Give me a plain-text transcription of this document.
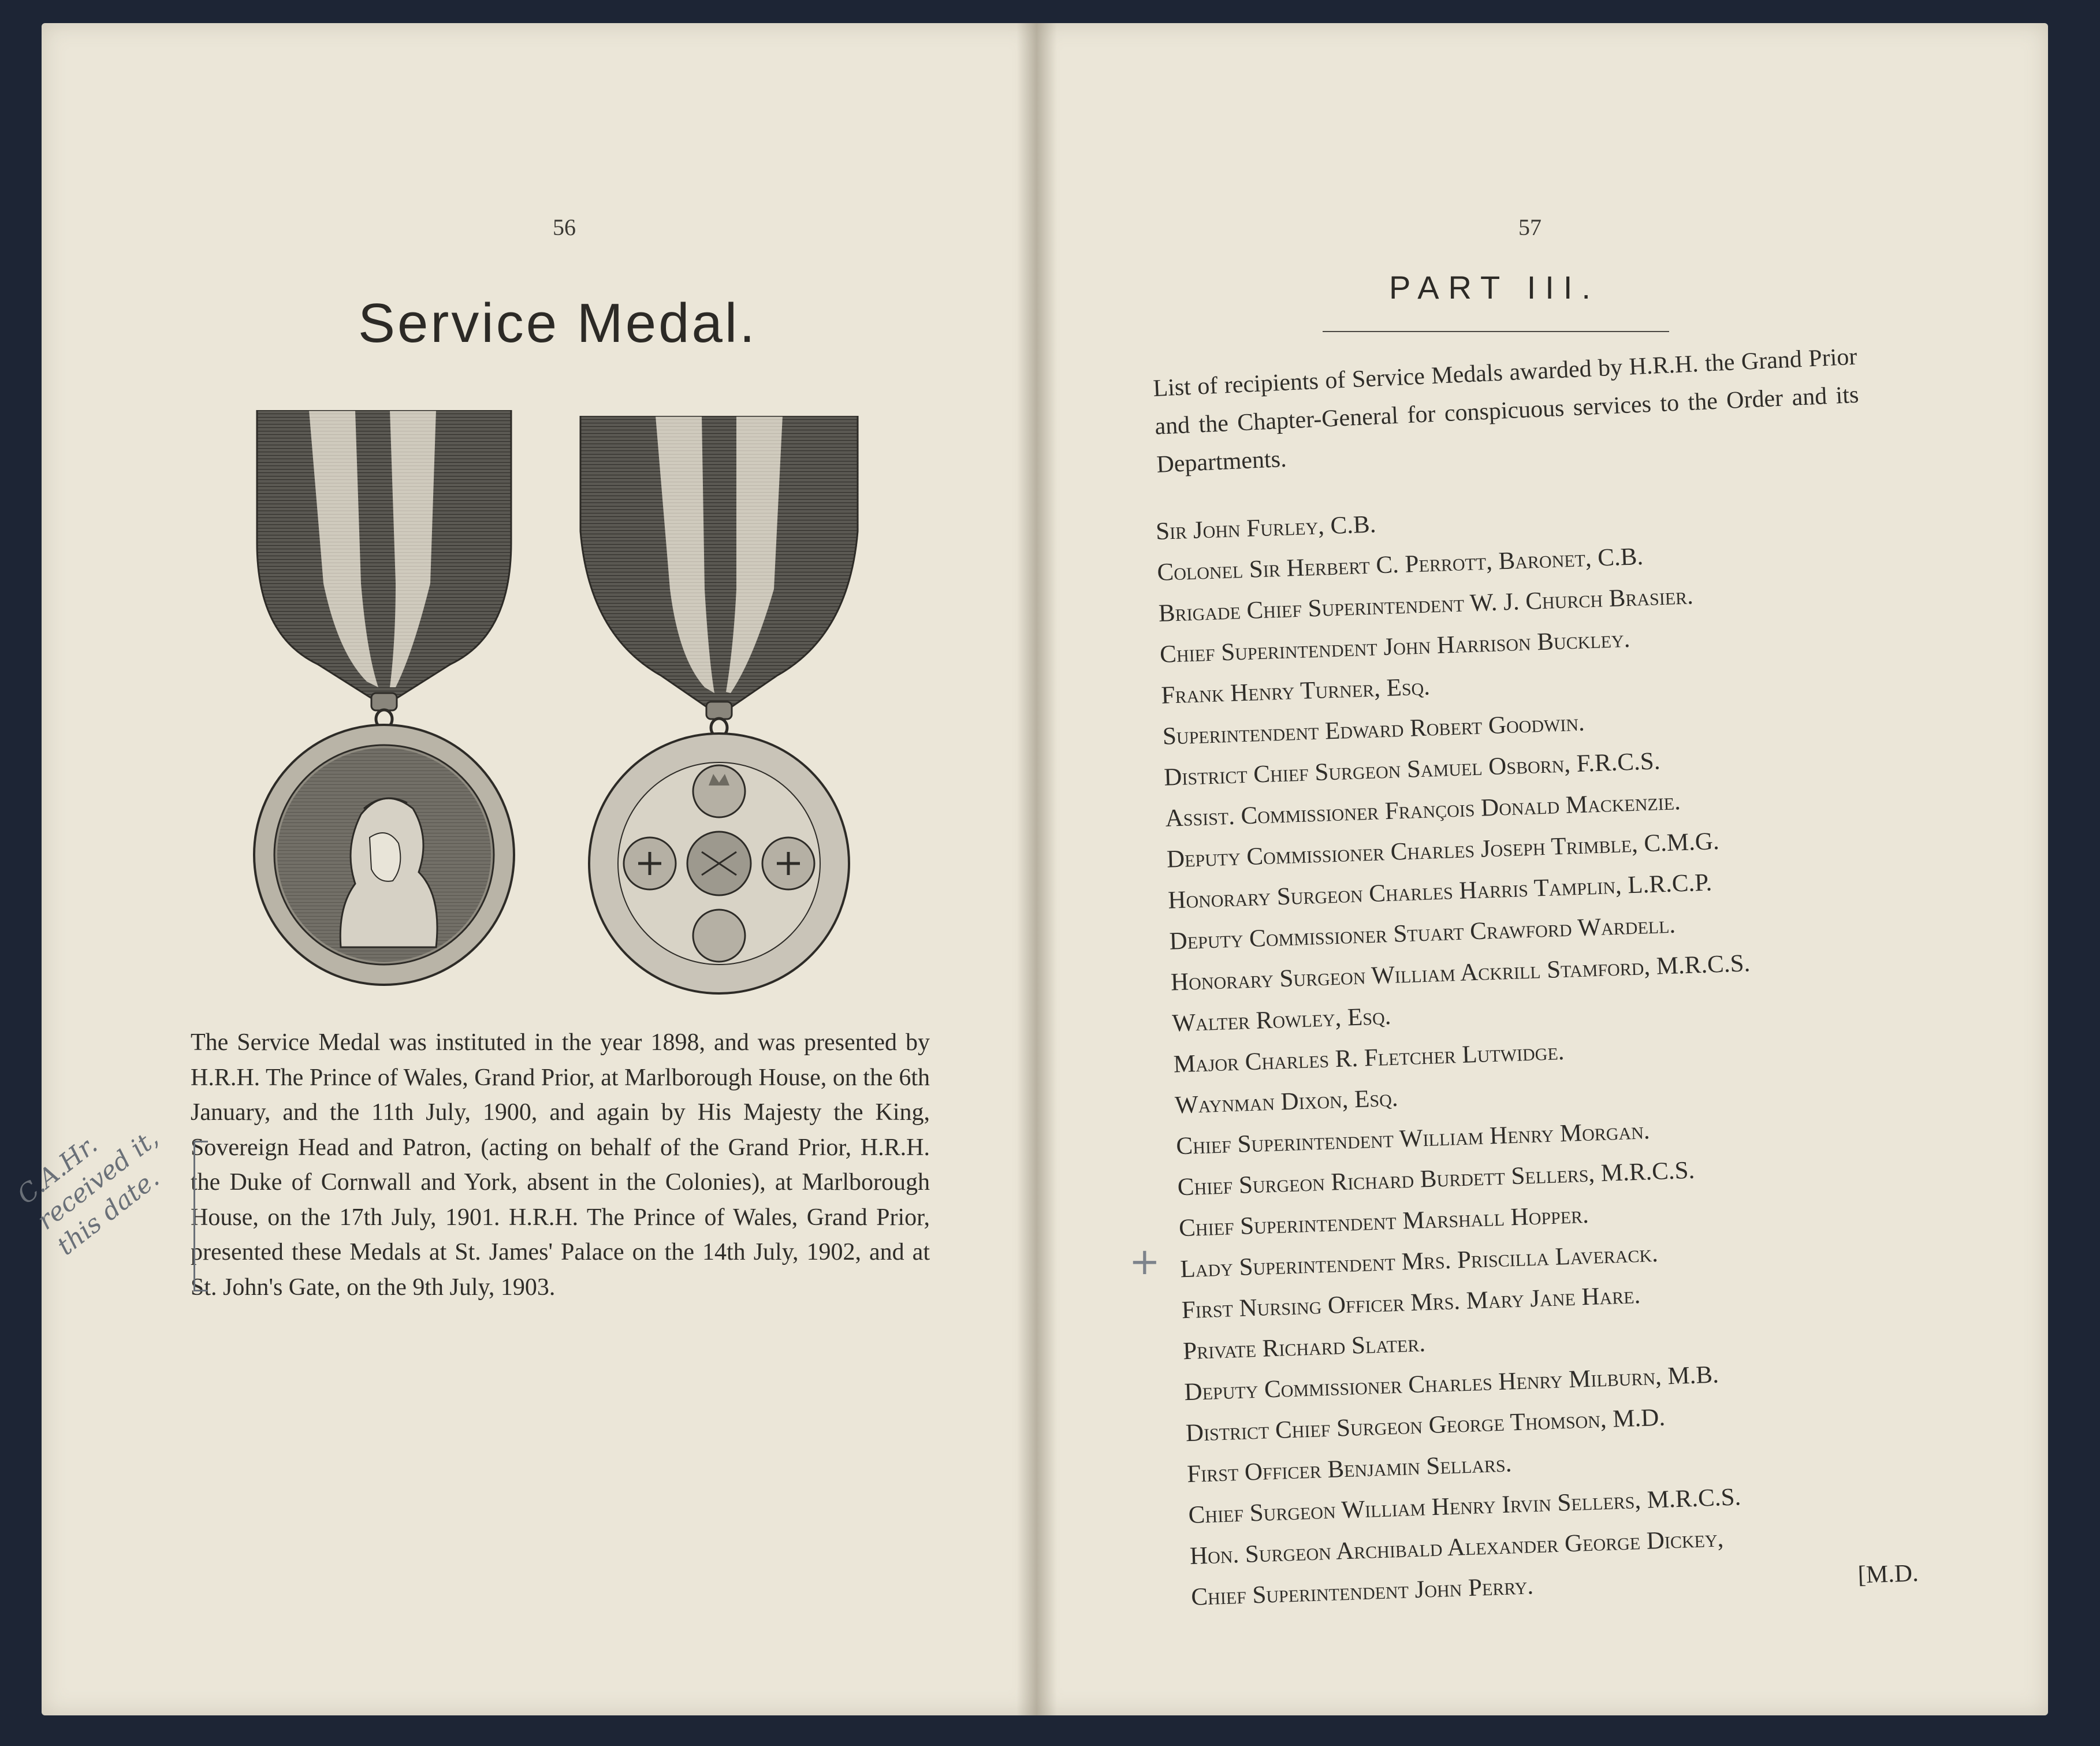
56	57
Service Medal.

The Service Medal was instituted in the year 1898, and was presented by H.R.H. The Prince of Wales, Grand Prior, at Marlborough House, on the 6th January, and the 11th July, 1900, and again by His Majesty the King, Sovereign Head and Patron, (acting on behalf of the Grand Prior, H.R.H. the Duke of Cornwall and York, absent in the Colonies), at Marlborough House, on the 17th July, 1901. H.R.H. The Prince of Wales, Grand Prior, presented these Medals at St. James' Palace on the 14th July, 1902, and at St. John's Gate, on the 9th July, 1903.

C.A.Hr. received it, this date.
PART III.

List of recipients of Service Medals awarded by H.R.H. the Grand Prior and the Chapter-General for conspicuous services to the Order and its Departments.

Sir John Furley, C.B.
Colonel Sir Herbert C. Perrott, Baronet, C.B.
Brigade Chief Superintendent W. J. Church Brasier.
Chief Superintendent John Harrison Buckley.
Frank Henry Turner, Esq.
Superintendent Edward Robert Goodwin.
District Chief Surgeon Samuel Osborn, F.R.C.S.
Assist. Commissioner François Donald Mackenzie.
Deputy Commissioner Charles Joseph Trimble, C.M.G.
Honorary Surgeon Charles Harris Tamplin, L.R.C.P.
Deputy Commissioner Stuart Crawford Wardell.
Honorary Surgeon William Ackrill Stamford, M.R.C.S.
Walter Rowley, Esq.
Major Charles R. Fletcher Lutwidge.
Waynman Dixon, Esq.
Chief Superintendent William Henry Morgan.
Chief Surgeon Richard Burdett Sellers, M.R.C.S.
Chief Superintendent Marshall Hopper.
Lady Superintendent Mrs. Priscilla Laverack.
First Nursing Officer Mrs. Mary Jane Hare.
Private Richard Slater.
Deputy Commissioner Charles Henry Milburn, M.B.
District Chief Surgeon George Thomson, M.D.
First Officer Benjamin Sellars.
Chief Surgeon William Henry Irvin Sellers, M.R.C.S.
Hon. Surgeon Archibald Alexander George Dickey,
Chief Superintendent John Perry.	[M.D.
+
